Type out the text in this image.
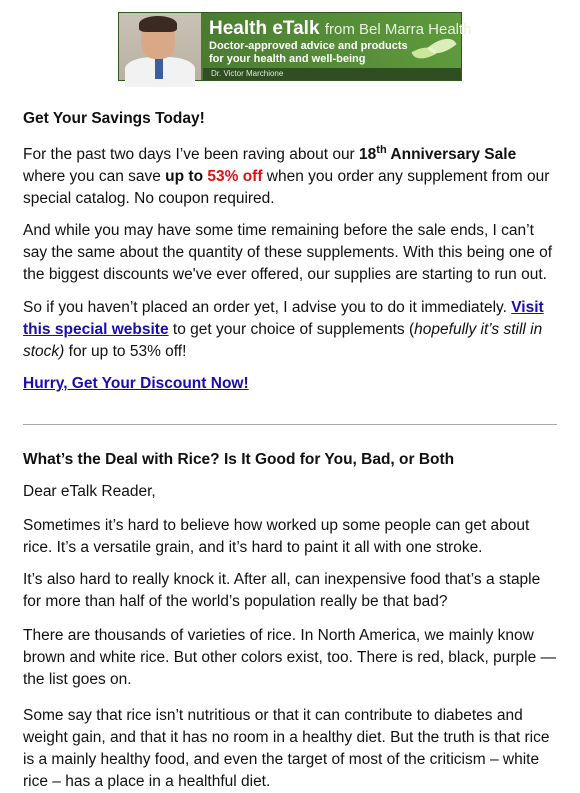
Health eTalk from Bel Marra Health
Doctor-approved advice and products for your health and well-being
Dr. Victor Marchione

Get Your Savings Today!

For the past two days I’ve been raving about our 18th Anniversary Sale where you can save up to 53% off when you order any supplement from our special catalog. No coupon required.

And while you may have some time remaining before the sale ends, I can’t say the same about the quantity of these supplements. With this being one of the biggest discounts we've ever offered, our supplies are starting to run out.

So if you haven’t placed an order yet, I advise you to do it immediately. Visit this special website to get your choice of supplements (hopefully it’s still in stock) for up to 53% off!

Hurry, Get Your Discount Now!

What’s the Deal with Rice? Is It Good for You, Bad, or Both

Dear eTalk Reader,

Sometimes it’s hard to believe how worked up some people can get about rice. It’s a versatile grain, and it’s hard to paint it all with one stroke.

It’s also hard to really knock it. After all, can inexpensive food that’s a staple for more than half of the world’s population really be that bad?

There are thousands of varieties of rice. In North America, we mainly know brown and white rice. But other colors exist, too. There is red, black, purple — the list goes on.

Some say that rice isn’t nutritious or that it can contribute to diabetes and weight gain, and that it has no room in a healthy diet. But the truth is that rice is a mainly healthy food, and even the target of most of the criticism – white rice – has a place in a healthful diet.
